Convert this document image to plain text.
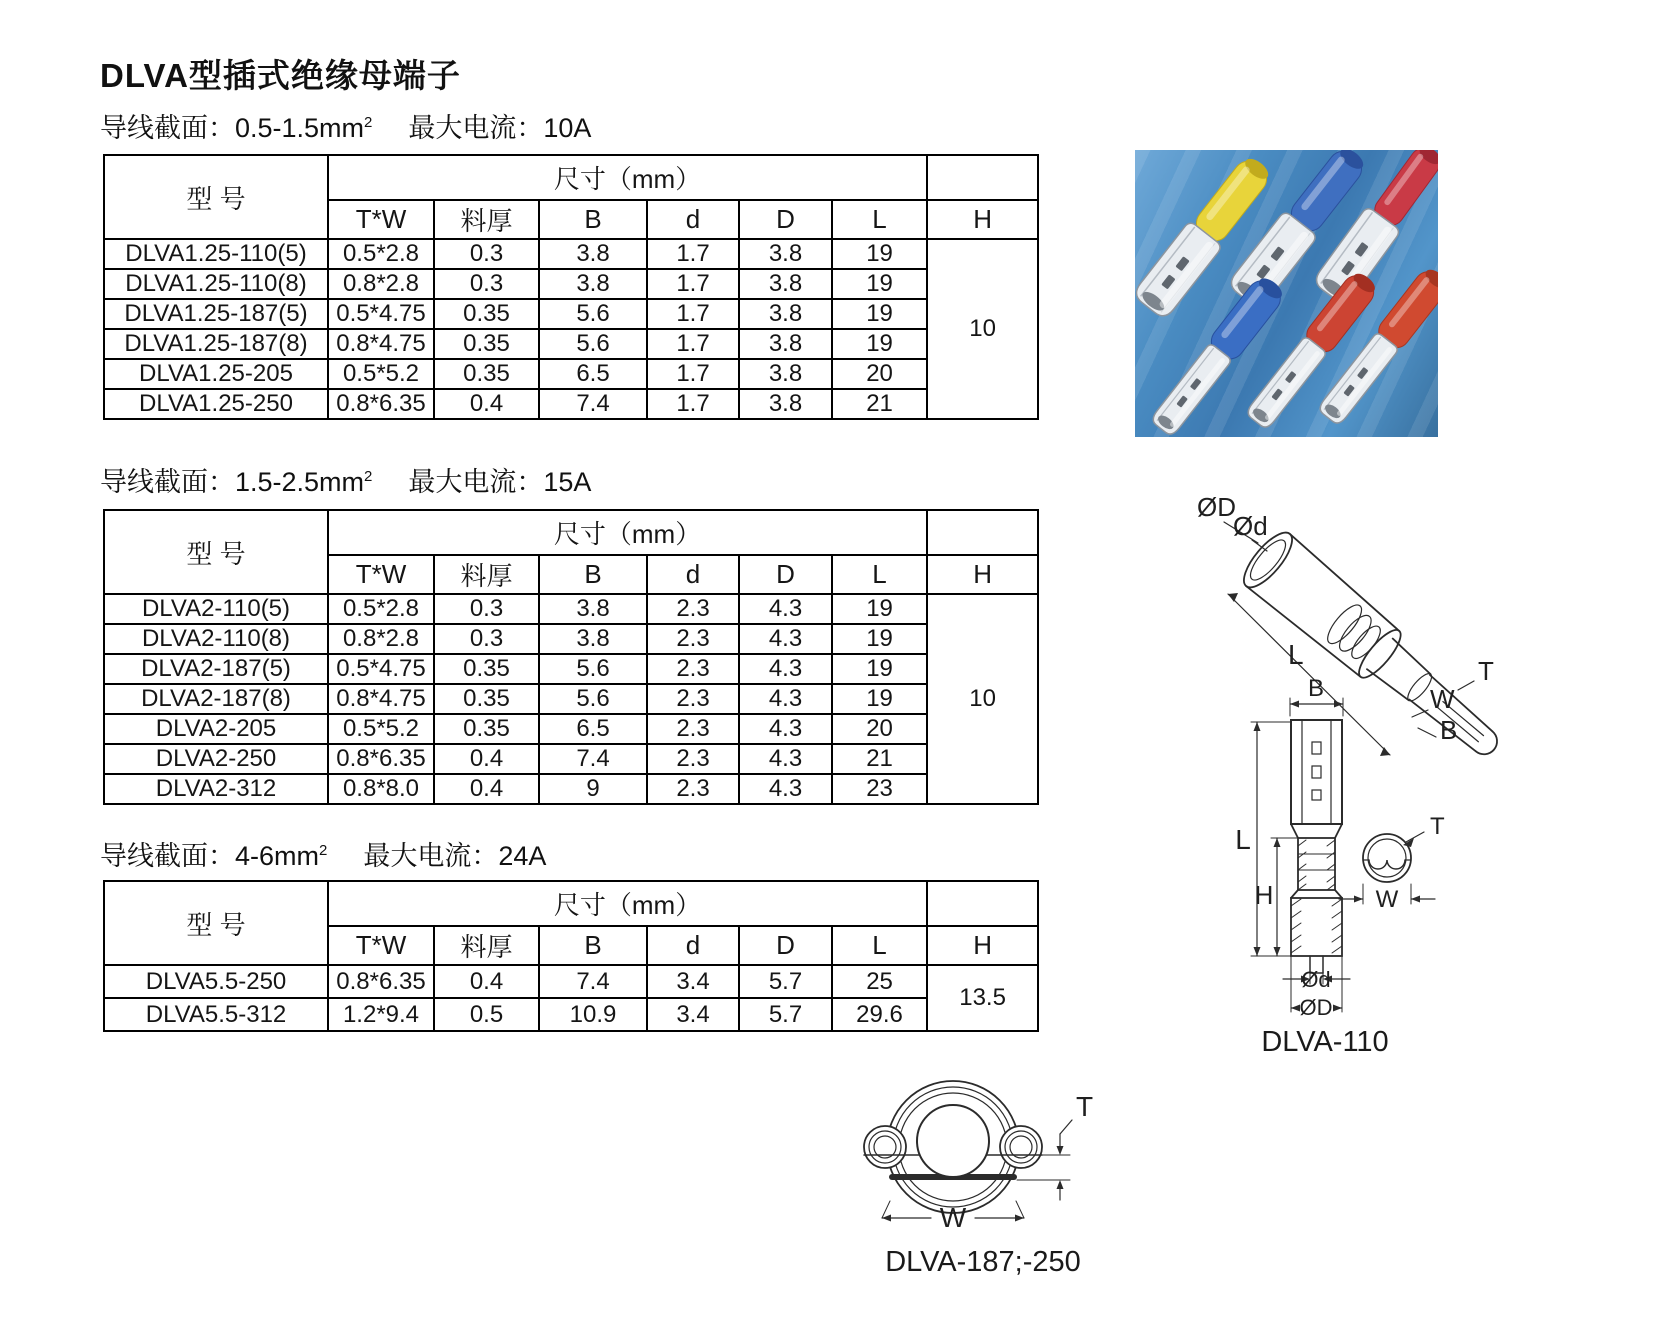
DLVA型插式绝缘母端子
导线截面：$0.5-1.5mm^2$ 最大电流：10A
导线截面：$1.5-2.5mm^2$ 最大电流：15A
导线截面：$4-6mm^2$ 最大电流：24A
型 号	尺寸（mm）						
	T*W	料厚	B	d	D	L	H
DLVA1.25-110(5)	0.5*2.8	0.3	3.8	1.7	3.8	19	10
DLVA1.25-110(8)	0.8*2.8	0.3	3.8	1.7	3.8	19	
DLVA1.25-187(5)	0.5*4.75	0.35	5.6	1.7	3.8	19	
DLVA1.25-187(8)	0.8*4.75	0.35	5.6	1.7	3.8	19	
DLVA1.25-205	0.5*5.2	0.35	6.5	1.7	3.8	20	
DLVA1.25-250	0.8*6.35	0.4	7.4	1.7	3.8	21	
型 号	尺寸（mm）						
	T*W	料厚	B	d	D	L	H
DLVA2-110(5)	0.5*2.8	0.3	3.8	2.3	4.3	19	10
DLVA2-110(8)	0.8*2.8	0.3	3.8	2.3	4.3	19	
DLVA2-187(5)	0.5*4.75	0.35	5.6	2.3	4.3	19	
DLVA2-187(8)	0.8*4.75	0.35	5.6	2.3	4.3	19	
DLVA2-205	0.5*5.2	0.35	6.5	2.3	4.3	20	
DLVA2-250	0.8*6.35	0.4	7.4	2.3	4.3	21	
DLVA2-312	0.8*8.0	0.4	9	2.3	4.3	23	
型 号	尺寸（mm）						
	T*W	料厚	B	d	D	L	H
DLVA5.5-250	0.8*6.35	0.4	7.4	3.4	5.7	25	13.5
DLVA5.5-312	1.2*9.4	0.5	10.9	3.4	5.7	29.6	
ØD
Ød
L
T
W
B
B
L
H
Ød
ØD
T
W
DLVA-110
T
W
DLVA-187;-250
